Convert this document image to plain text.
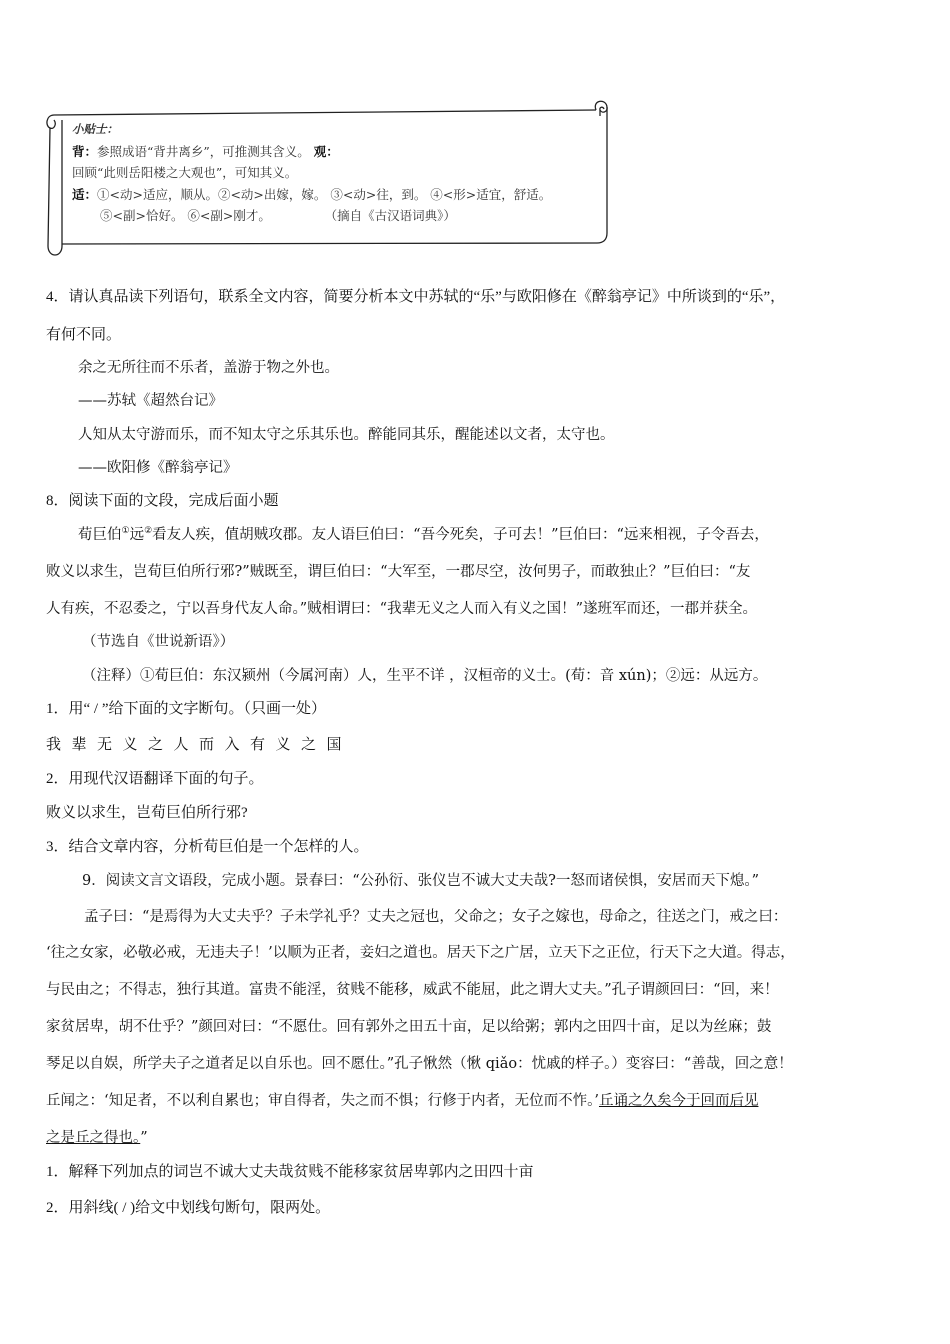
小贴士：
背：参照成语“背井离乡”，可推测其含义。 观：
回顾“此则岳阳楼之大观也”，可知其义。
适：①<动>适应，顺从。②<动>出嫁，嫁。 ③<动>往，到。 ④<形>适宜，舒适。
⑤<副>恰好。 ⑥<副>刚才。	（摘自《古汉语词典》）
4．请认真品读下列语句，联系全文内容，简要分析本文中苏轼的“乐”与欧阳修在《醉翁亭记》中所谈到的“乐”，
有何不同。
余之无所往而不乐者，盖游于物之外也。
——苏轼《超然台记》
人知从太守游而乐，而不知太守之乐其乐也。醉能同其乐，醒能述以文者，太守也。
——欧阳修《醉翁亭记》
8．阅读下面的文段，完成后面小题
荀巨伯①远②看友人疾，值胡贼攻郡。友人语巨伯曰：“吾今死矣，子可去！”巨伯曰：“远来相视，子令吾去，
败义以求生，岂荀巨伯所行邪?”贼既至，谓巨伯曰：“大军至，一郡尽空，汝何男子，而敢独止？”巨伯曰：“友
人有疾，不忍委之，宁以吾身代友人命。”贼相谓曰：“我辈无义之人而入有义之国！”遂班军而还，一郡并获全。
（节选自《世说新语》）
（注释）①荀巨伯：东汉颍州（今属河南）人，生平不详 ，汉桓帝的义士。(荀：音 xún)；②远：从远方。
1．用“ / ”给下面的文字断句。（只画一处）
我辈无义之人而入有义之国
2．用现代汉语翻译下面的句子。
败义以求生，岂荀巨伯所行邪?
3．结合文章内容，分析荀巨伯是一个怎样的人。
9．阅读文言文语段，完成小题。景春曰：“公孙衍、张仪岂不诚大丈夫哉?一怒而诸侯惧，安居而天下熄。”
孟子曰：“是焉得为大丈夫乎？子未学礼乎？丈夫之冠也，父命之；女子之嫁也，母命之，往送之门，戒之曰：
‘往之女家，必敬必戒，无违夫子！’以顺为正者，妾妇之道也。居天下之广居，立天下之正位，行天下之大道。得志，
与民由之；不得志，独行其道。富贵不能淫，贫贱不能移，威武不能屈，此之谓大丈夫。”孔子谓颜回曰：“回，来！
家贫居卑，胡不仕乎？”颜回对曰：“不愿仕。回有郭外之田五十亩，足以给粥；郭内之田四十亩，足以为丝麻；鼓
琴足以自娱，所学夫子之道者足以自乐也。回不愿仕。”孔子愀然（愀 qiǎo：忧戚的样子。）变容曰：“善哉，回之意！
丘闻之：‘知足者，不以利自累也；审自得者，失之而不惧；行修于内者，无位而不怍。’丘诵之久矣今于回而后见
之是丘之得也。”
1．解释下列加点的词岂不诚大丈夫哉贫贱不能移家贫居卑郭内之田四十亩
2．用斜线( / )给文中划线句断句，限两处。
